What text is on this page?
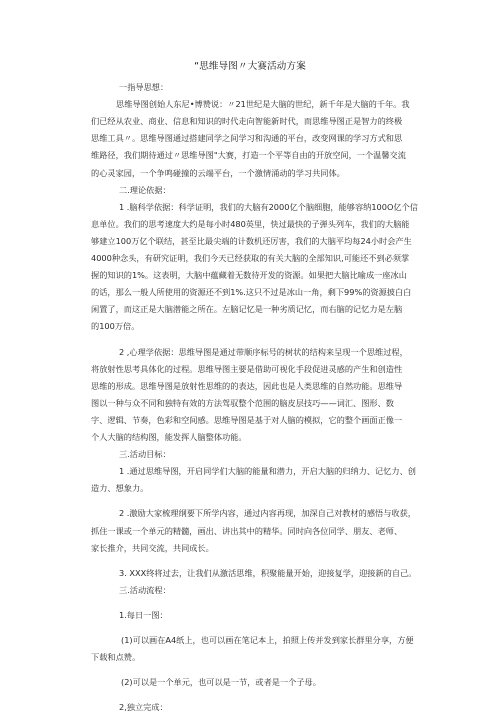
“思维导图〃大赛活动方案
一指导思想：
思维导图创始人东尼•博赞说：〃21世纪是大脑的世纪，新千年是大脑的千年。我
们已经从农业、商业、信息和知识的时代走向智能新时代，而思维导图正是智力的终极
思维工具〃。思维导图通过搭建同学之间学习和沟通的平台，改变网课的学习方式和思
维路径，我们期待通过〃思维导图"大赛，打造一个平等自由的开放空间，一个温馨交流
的心灵家园，一个争鸣碰撞的云端平台，一个激情涌动的学习共同体。
二.理论依据：
1 .脑科学依据：科学证明，我们的大脑有2000亿个脑细胞，能够容纳100O亿个信
息单位。我们的思考速度大约是每小时480英里，快过最快的子弹头列车，我们的大脑能
够建立100万亿个联结，甚至比最尖端的计数机还厉害，我们的大脑平均每24小时会产生
4000种念头，有研究证明，我们今天已经获取的有关大脑的全部知识,可能还不到必须掌
握的知识的1%。这表明，大脑中蕴藏着无数待开发的资源。如果把大脑比喻成一座冰山
的话，那么一般人所使用的资源还不到1%.这只不过是冰山一角，剩下99%的资源披白白
闲置了，而这正是大脑潜能之所在。左脑记忆是一种劣质记忆，而右脑的记忆力是左脑
的100万倍。
2 ,心理学依据：思维导图是通过带顺序标号的树状的结构来呈现一个思维过程，
将放射性思考具体化的过程。思维导图主要是借助可视化手段促进灵感的产生和创造性
思维的形成。思维导图是放射性思维的的表达，因此也是人类思维的自然功能。思维导
图以一种与众不同和独特有效的方法驾驭整个范围的脑皮层技巧——词汇、图形、数
字、逻辑、节奏，色彩和空间感。思维导图是基于对人脑的模拟，它的整个画面正像一
个人大脑的结构图，能发挥人脑整体功能。
三.活动目标：
1 .通过思维导图，开启同学们大脑的能量和潜力，开启大脑的归纳力、记忆力、创
造力、想象力。
2 .激励大家梳理纲要下所学内容，通过内容再现，加深自己对教材的感悟与收获，
抓住一课或一个单元的精髓，画出、讲出其中的精华。同时向各位同学、朋友、老师、
家长推介，共同交流，共同成长。
3. XXX终将过去，让我们从激活思维，积聚能量开始，迎接复学，迎接新的自己。
三.活动流程：
1.每日一图：
(1)可以画在A4纸上，也可以画在笔记本上，拍照上传并发到家长群里分享，方便
下载和点赞。
(2)可以是一个单元，也可以是一节，或者是一个子母。
2,独立完成：
